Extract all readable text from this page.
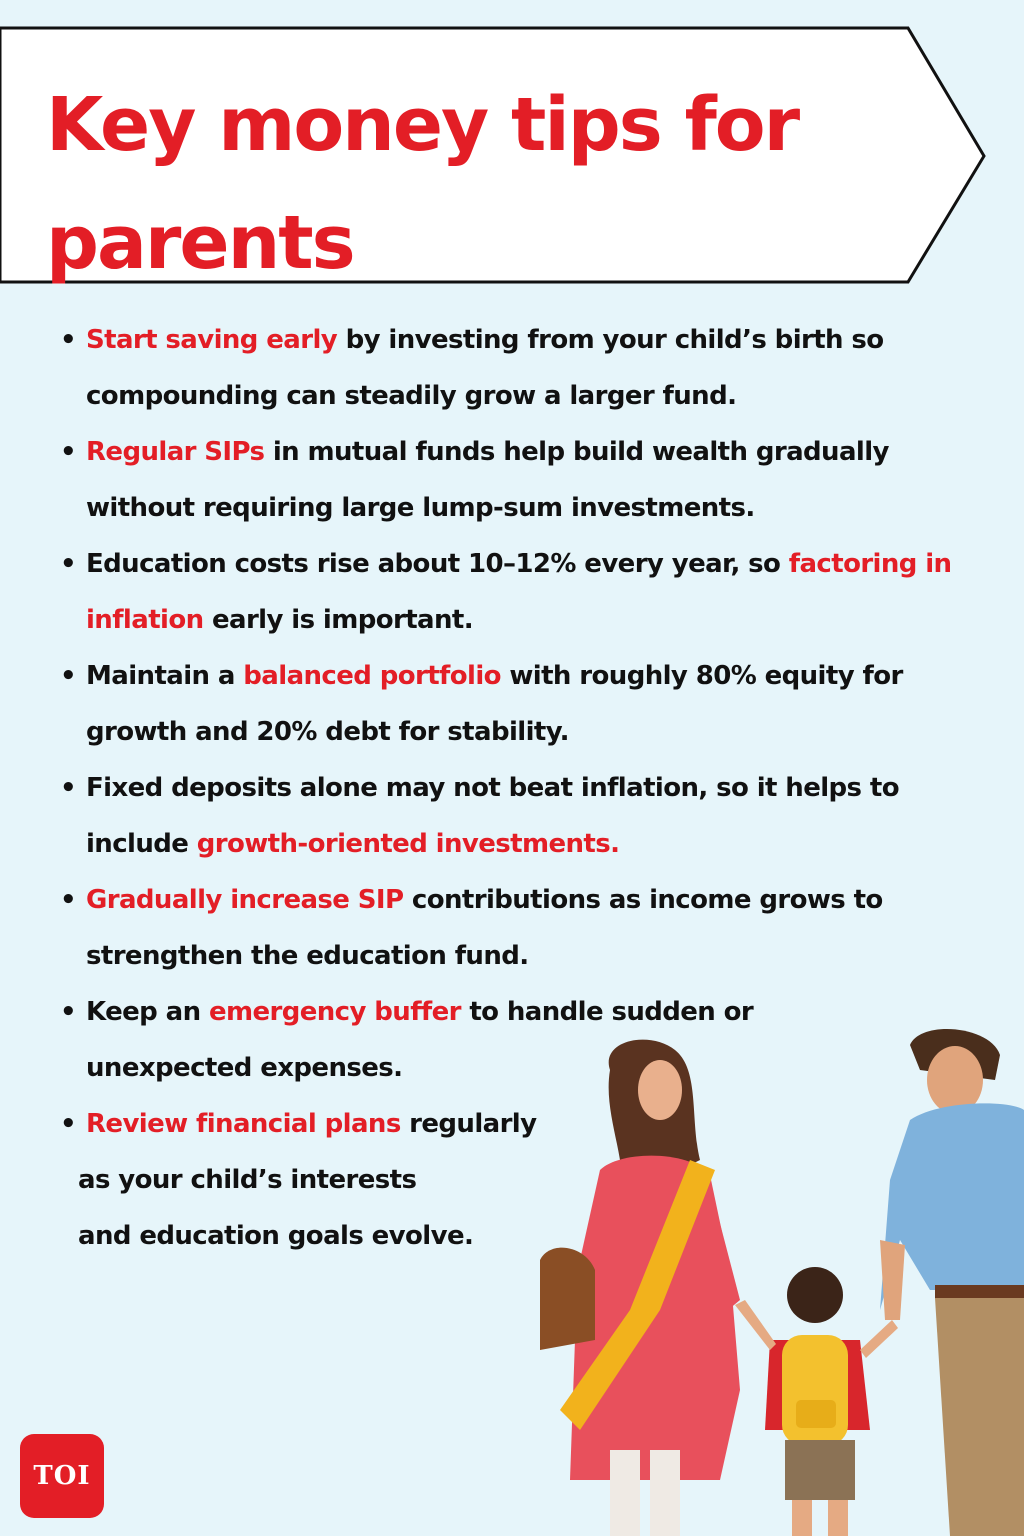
Key money tips for parents
• Start saving early by investing from your child’s birth so compounding can steadily grow a larger fund.
• Regular SIPs in mutual funds help build wealth gradually without requiring large lump-sum investments.
• Education costs rise about 10–12% every year, so factoring in inflation early is important.
• Maintain a balanced portfolio with roughly 80% equity for growth and 20% debt for stability.
• Fixed deposits alone may not beat inflation, so it helps to include growth-oriented investments.
• Gradually increase SIP contributions as income grows to strengthen the education fund.
• Keep an emergency buffer to handle sudden or unexpected expenses.
• Review financial plans regularly
as your child’s interests
and education goals evolve.
TOI
